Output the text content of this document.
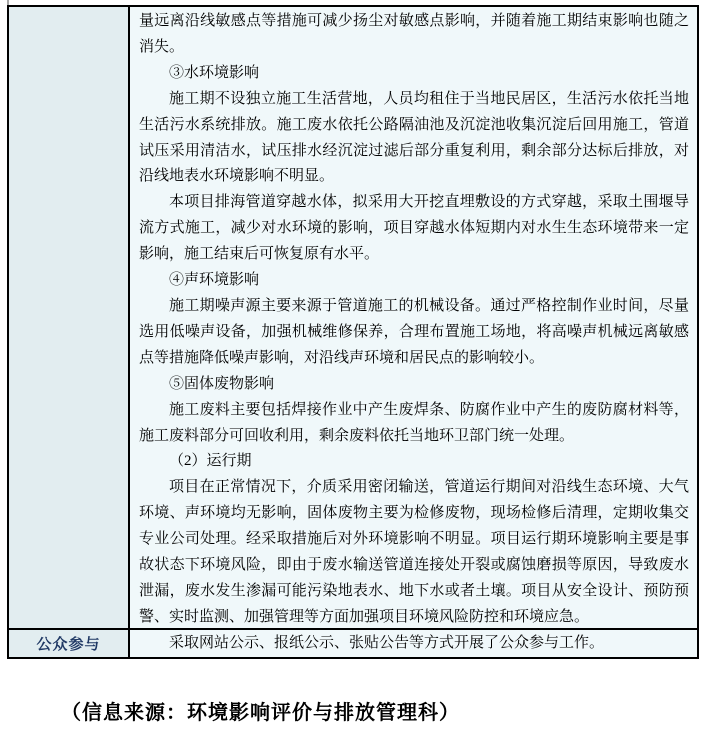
量远离沿线敏感点等措施可减少扬尘对敏感点影响，并随着施工期结束影响也随之消失。
③水环境影响
施工期不设独立施工生活营地，人员均租住于当地民居区，生活污水依托当地生活污水系统排放。施工废水依托公路隔油池及沉淀池收集沉淀后回用施工，管道试压采用清洁水，试压排水经沉淀过滤后部分重复利用，剩余部分达标后排放，对沿线地表水环境影响不明显。
本项目排海管道穿越水体，拟采用大开挖直埋敷设的方式穿越，采取土围堰导流方式施工，减少对水环境的影响，项目穿越水体短期内对水生生态环境带来一定影响，施工结束后可恢复原有水平。
④声环境影响
施工期噪声源主要来源于管道施工的机械设备。通过严格控制作业时间，尽量选用低噪声设备，加强机械维修保养，合理布置施工场地，将高噪声机械远离敏感点等措施降低噪声影响，对沿线声环境和居民点的影响较小。
⑤固体废物影响
施工废料主要包括焊接作业中产生废焊条、防腐作业中产生的废防腐材料等，施工废料部分可回收利用，剩余废料依托当地环卫部门统一处理。
（2）运行期
项目在正常情况下，介质采用密闭输送，管道运行期间对沿线生态环境、大气环境、声环境均无影响，固体废物主要为检修废物，现场检修后清理，定期收集交专业公司处理。经采取措施后对外环境影响不明显。项目运行期环境影响主要是事故状态下环境风险，即由于废水输送管道连接处开裂或腐蚀磨损等原因，导致废水泄漏，废水发生渗漏可能污染地表水、地下水或者土壤。项目从安全设计、预防预警、实时监测、加强管理等方面加强项目环境风险防控和环境应急。
公众参与	采取网站公示、报纸公示、张贴公告等方式开展了公众参与工作。
（信息来源：环境影响评价与排放管理科）
